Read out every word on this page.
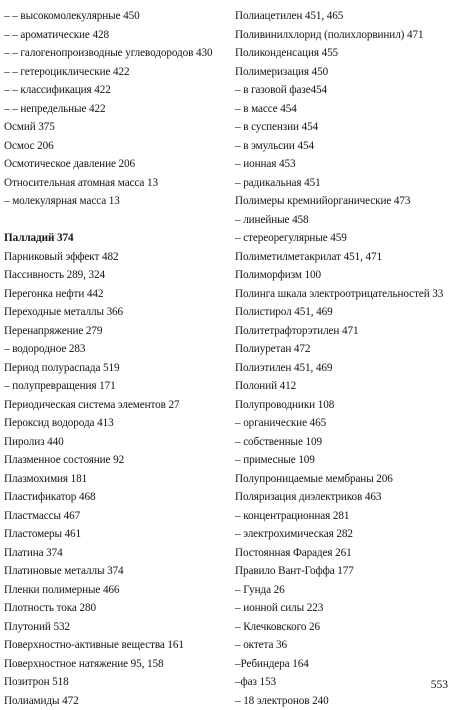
– – высокомолекулярные 450
– – ароматические 428
– – галогенопроизводные углеводородов 430
– – гетероциклические 422
– – классификация 422
– – непредельные 422
Осмий 375
Осмос 206
Осмотическое давление 206
Относительная атомная масса 13
– молекулярная масса 13
Палладий 374
Парниковый эффект 482
Пассивность 289, 324
Перегонка нефти 442
Переходные металлы 366
Перенапряжение 279
– водородное 283
Период полураспада 519
– полупревращения 171
Периодическая система элементов 27
Пероксид водорода 413
Пиролиз 440
Плазменное состояние 92
Плазмохимия 181
Пластификатор 468
Пластмассы 467
Пластомеры 461
Платина 374
Платиновые металлы 374
Пленки полимерные 466
Плотность тока 280
Плутоний 532
Поверхностно-активные вещества 161
Поверхностное натяжение 95, 158
Позитрон 518
Полиамиды 472
Полиацетилен 451, 465
Поливинилхлорид (полихлорвинил) 471
Поликонденсация 455
Полимеризация 450
– в газовой фазе454
– в массе 454
– в суспензии 454
– в эмульсии 454
– ионная 453
– радикальная 451
Полимеры кремнийорганические 473
– линейные 458
– стереорегулярные 459
Полиметилметакрилат 451, 471
Полиморфизм 100
Полинга шкала электроотрицательностей 33
Полистирол 451, 469
Политетрафторэтилен 471
Полиуретан 472
Полиэтилен 451, 469
Полоний 412
Полупроводники 108
– органические 465
– собственные 109
– примесные 109
Полупроницаемые мембраны 206
Поляризация диэлектриков 463
– концентрационная 281
– электрохимическая 282
Постоянная Фарадея 261
Правило Вант-Гоффа 177
– Гунда 26
– ионной силы 223
– Клечковского 26
– октета 36
–Ребиндера 164
–фаз 153
– 18 электронов 240
553
